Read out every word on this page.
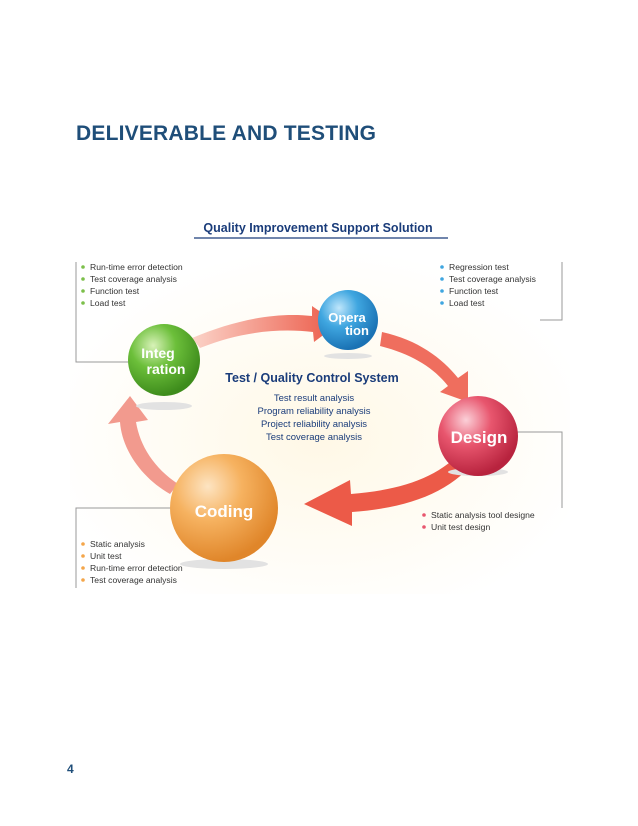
DELIVERABLE AND TESTING
Quality Improvement Support Solution
Opera
tion
Design
Coding
Integ
ration
Test / Quality Control System
Test result analysis
Program reliability analysis
Project reliability analysis
Test coverage analysis
Run-time error detection
Test coverage analysis
Function test
Load test
Regression test
Test coverage analysis
Function test
Load test
Static analysis tool designe
Unit test design
Static analysis
Unit test
Run-time error detection
Test coverage analysis
4
